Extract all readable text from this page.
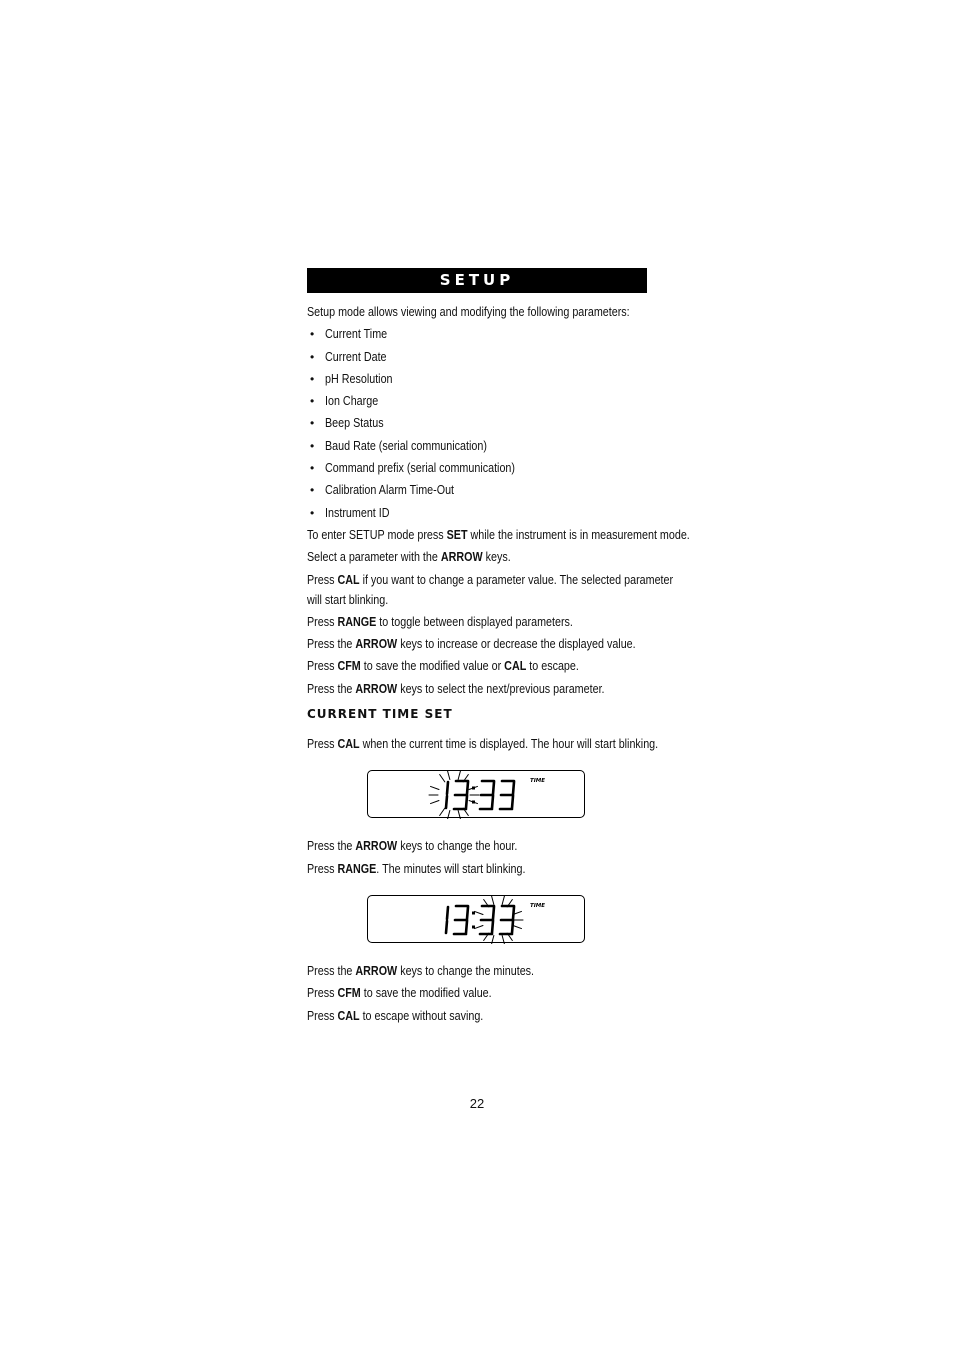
SETUP
Setup mode allows viewing and modifying the following parameters:
• Current Time
• Current Date
• pH Resolution
• Ion Charge
• Beep Status
• Baud Rate (serial communication)
• Command prefix (serial communication)
• Calibration Alarm Time-Out
• Instrument ID
To enter SETUP mode press SET while the instrument is in measurement mode.
Select a parameter with the ARROW keys.
Press CAL if you want to change a parameter value. The selected parameter
will start blinking.
Press RANGE to toggle between displayed parameters.
Press the ARROW keys to increase or decrease the displayed value.
Press CFM to save the modified value or CAL to escape.
Press the ARROW keys to select the next/previous parameter.
CURRENT TIME SET
Press CAL when the current time is displayed. The hour will start blinking.
TIME
Press the ARROW keys to change the hour.
Press RANGE. The minutes will start blinking.
TIME
Press the ARROW keys to change the minutes.
Press CFM to save the modified value.
Press CAL to escape without saving.
22
